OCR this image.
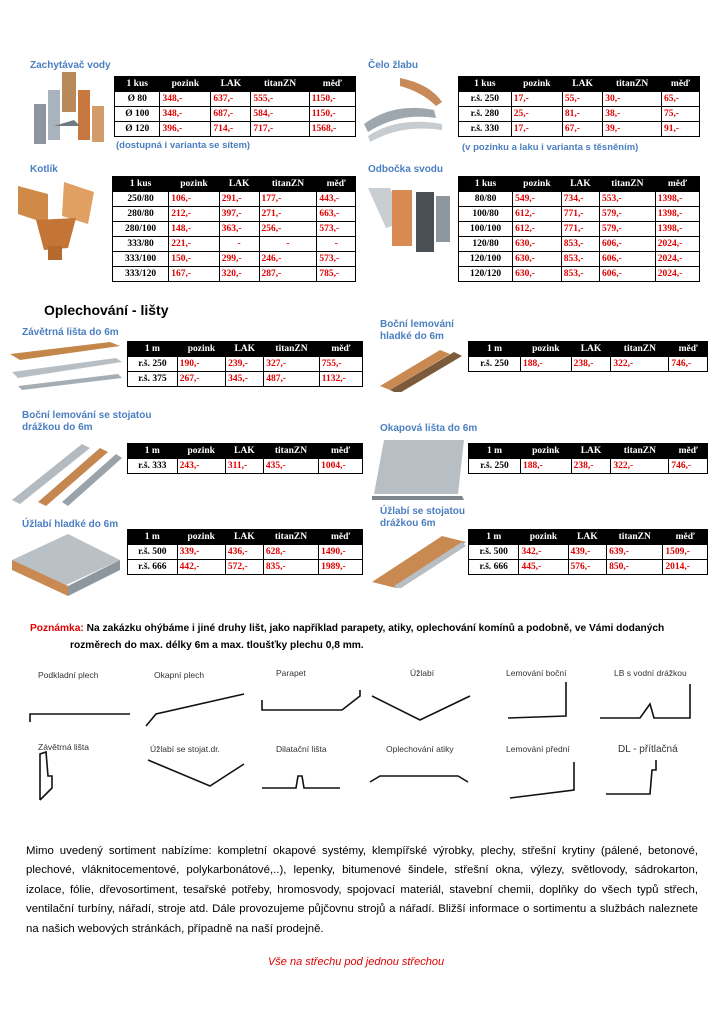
Zachytávač vody
1 kus	pozink	LAK	titanZN	měď
Ø 80	348,-	637,-	555,-	1150,-
Ø 100	348,-	687,-	584,-	1150,-
Ø 120	396,-	714,-	717,-	1568,-
(dostupná i varianta se sítem)
Čelo žlabu
1 kus	pozink	LAK	titanZN	měď
r.š. 250	17,-	55,-	30,-	65,-
r.š. 280	25,-	81,-	38,-	75,-
r.š. 330	17,-	67,-	39,-	91,-
(v pozinku a laku i varianta s těsněním)
Kotlík
1 kus	pozink	LAK	titanZN	měď
250/80	106,-	291,-	177,-	443,-
280/80	212,-	397,-	271,-	663,-
280/100	148,-	363,-	256,-	573,-
333/80	221,-	-	-	-
333/100	150,-	299,-	246,-	573,-
333/120	167,-	320,-	287,-	785,-
Odbočka svodu
1 kus	pozink	LAK	titanZN	měď
80/80	549,-	734,-	553,-	1398,-
100/80	612,-	771,-	579,-	1398,-
100/100	612,-	771,-	579,-	1398,-
120/80	630,-	853,-	606,-	2024,-
120/100	630,-	853,-	606,-	2024,-
120/120	630,-	853,-	606,-	2024,-
Oplechování - lišty
Závětrná lišta do 6m
1 m	pozink	LAK	titanZN	měď
r.š. 250	190,-	239,-	327,-	755,-
r.š. 375	267,-	345,-	487,-	1132,-
Boční lemování hladké do 6m
1 m	pozink	LAK	titanZN	měď
r.š. 250	188,-	238,-	322,-	746,-
Boční lemování se stojatou drážkou do 6m
1 m	pozink	LAK	titanZN	měď
r.š. 333	243,-	311,-	435,-	1004,-
Okapová lišta do 6m
1 m	pozink	LAK	titanZN	měď
r.š. 250	188,-	238,-	322,-	746,-
Úžlabí hladké do 6m
1 m	pozink	LAK	titanZN	měď
r.š. 500	339,-	436,-	628,-	1490,-
r.š. 666	442,-	572,-	835,-	1989,-
Úžlabí se stojatou drážkou 6m
1 m	pozink	LAK	titanZN	měď
r.š. 500	342,-	439,-	639,-	1509,-
r.š. 666	445,-	576,-	850,-	2014,-
Poznámka: Na zakázku ohýbáme i jiné druhy lišt, jako například parapety, atiky, oplechování komínů a podobně, ve Vámi dodaných
rozměrech do max. délky 6m a max. tloušťky plechu 0,8 mm.
Podkladní plech	Okapní plech	Parapet	Úžlabí	Lemování boční	LB s vodní drážkou
Závětrná lišta	Úžlabí se stojat.dr.	Dilatační lišta	Oplechování atiky	Lemování přední	DL - přítlačná
Mimo uvedený sortiment nabízíme: kompletní okapové systémy, klempířské výrobky, plechy, střešní krytiny (pálené, betonové, plechové, vláknitocementové, polykarbonátové,..), lepenky, bitumenové šindele, střešní okna, výlezy, světlovody, sádrokarton, izolace, fólie, dřevosortiment, tesařské potřeby, hromosvody, spojovací materiál, stavební chemii, doplňky do všech typů střech, ventilační turbíny, nářadí, stroje atd. Dále provozujeme půjčovnu strojů a nářadí. Bližší informace o sortimentu a službách naleznete na našich webových stránkách, případně na naší prodejně.
Vše na střechu pod jednou střechou
